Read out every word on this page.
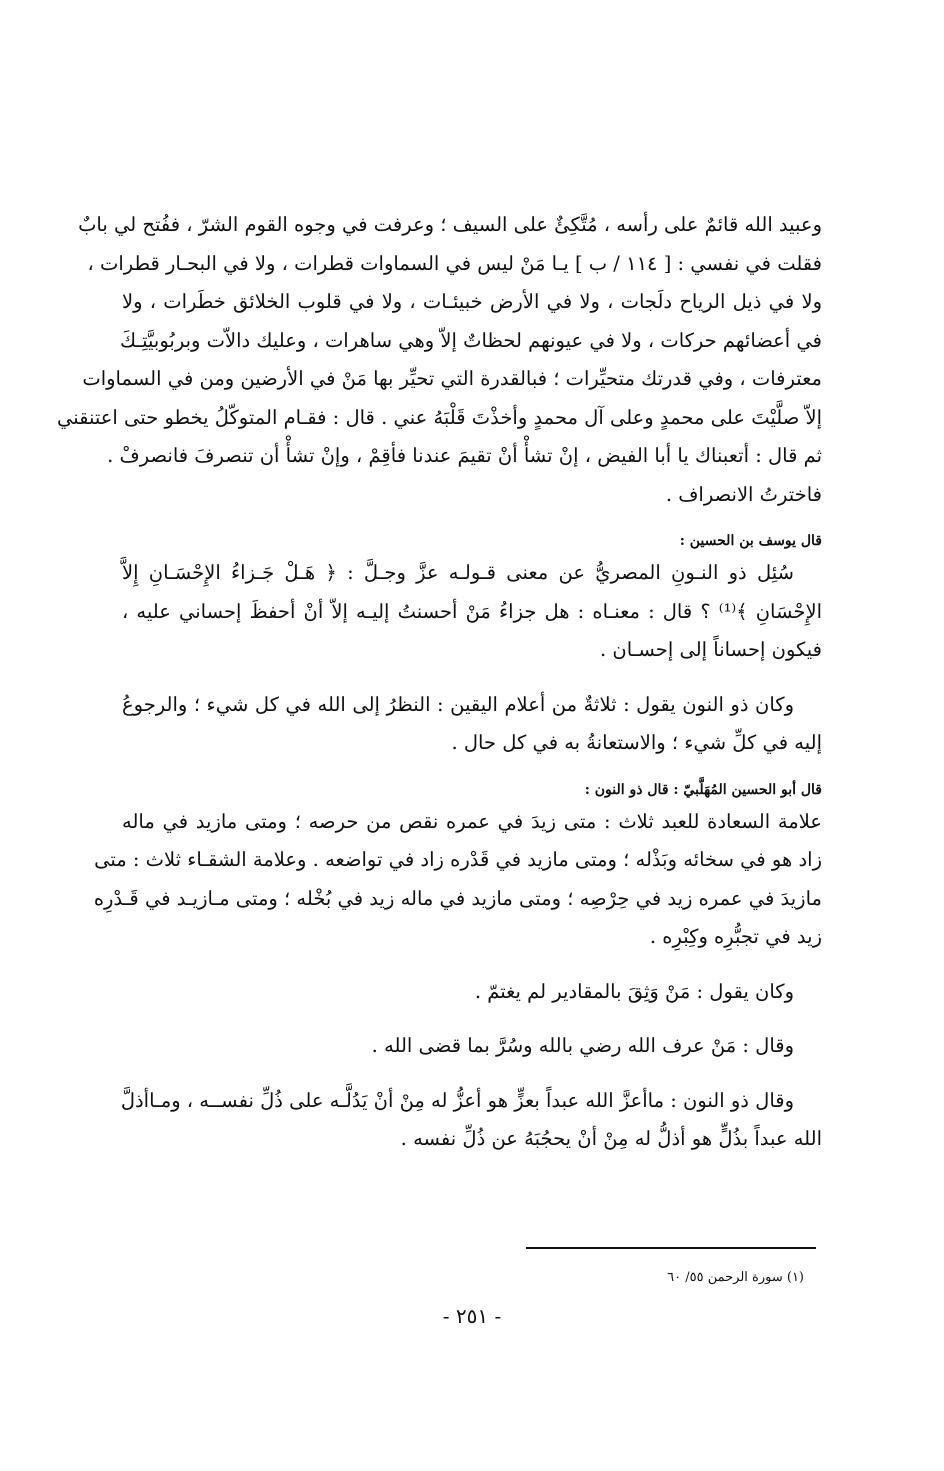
وعبيد الله قائمٌ على رأسه ، مُتَّكِئٌ على السيف ؛ وعرفت في وجوه القوم الشرّ ، ففُتح لي بابٌ
فقلت في نفسي : [ ١١٤ / ب ] يـا مَنْ ليس في السماوات قطرات ، ولا في البحـار قطرات ،
ولا في ذيل الرياح دلَجات ، ولا في الأرض خبيئـات ، ولا في قلوب الخلائق خطَرات ، ولا
في أعضائهم حركات ، ولا في عيونهم لحظاتٌ إلاّ وهي ساهرات ، وعليك دالاّت وبربُوبيَّتِـكَ
معترفات ، وفي قدرتك متحيِّرات ؛ فبالقدرة التي تحيِّر بها مَنْ في الأرضين ومن في السماوات
إلاّ صلَّيْتَ على محمدٍ وعلى آل محمدٍ وأخذْتَ قَلْبَهُ عني . قال : فقـام المتوكّلُ يخطو حتى اعتنقني
ثم قال : أتعبناك يا أبا الفيض ، إنْ تشأْ أنْ تقيمَ عندنا فأقِمْ ، وإنْ تشأْ أن تنصرفَ فانصرفْ .
فاخترتُ الانصراف .
قال يوسف بن الحسين :
سُئِل ذو النـونِ المصريُّ عن معنى قـولـه عزَّ وجـلَّ : ﴿ هَـلْ جَـزاءُ الإِحْسَـانِ إِلاَّ
الإِحْسَانِ ﴾⁽¹⁾ ؟ قال : معنـاه : هل جزاءُ مَنْ أحسنتُ إليـه إلاّ أنْ أحفظَ إحساني عليه ،
فيكون إحساناً إلى إحسـان .
وكان ذو النون يقول : ثلاثةٌ من أعلام اليقين : النظرُ إلى الله في كل شيء ؛ والرجوعُ
إليه في كلِّ شيء ؛ والاستعانةُ به في كل حال .
قال أبو الحسين المُهَلَّبيّ : قال ذو النون :
علامة السعادة للعبد ثلاث : متى زيدَ في عمره نقص من حرصه ؛ ومتى مازيد في ماله
زاد هو في سخائه وبَذْله ؛ ومتى مازيد في قَدْره زاد في تواضعه . وعلامة الشقـاء ثلاث : متى
مازيدَ في عمره زيد في حِرْصِه ؛ ومتى مازيد في ماله زيد في بُخْله ؛ ومتى مـازيـد في قَـدْرِه
زيد في تجبُّرِه وكِبْرِه .
وكان يقول : مَنْ وَثِقَ بالمقادير لم يغتمّ .
وقال : مَنْ عرف الله رضي بالله وسُرَّ بما قضى الله .
وقال ذو النون : ماأعزَّ الله عبداً بعزٍّ هو أعزُّ له مِنْ أنْ يَدُلَّـه على ذُلِّ نفســه ، ومـاأذلَّ
الله عبداً بذُلٍّ هو أذلُّ له مِنْ أنْ يحجُبَهُ عن ذُلِّ نفسه .
(١) سورة الرحمن ٥٥/ ٦٠
- ٢٥١ -
